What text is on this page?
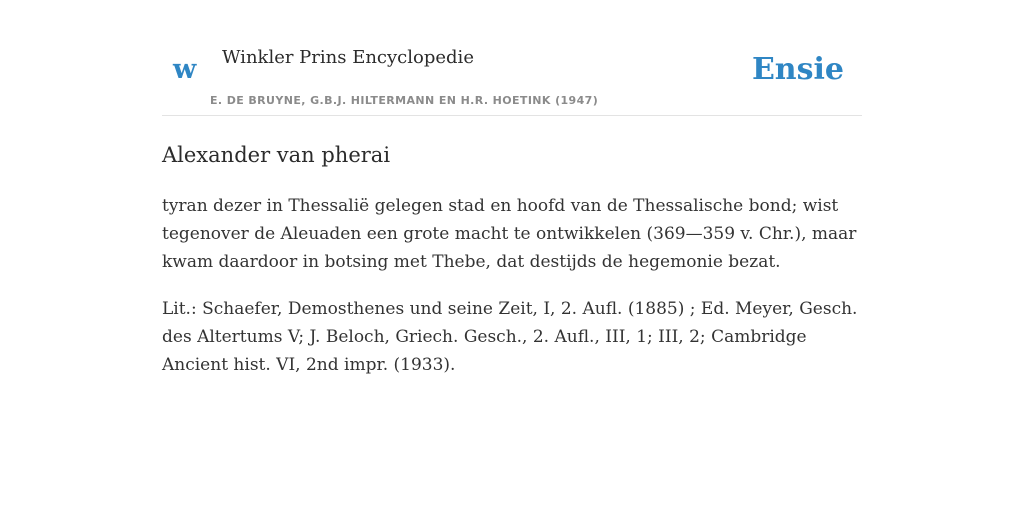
w Winkler Prins Encyclopedie
E. DE BRUYNE, G.B.J. HILTERMANN EN H.R. HOETINK (1947)
Ensie
Alexander van pherai

tyran dezer in Thessalië gelegen stad en hoofd van de Thessalische bond; wist tegenover de Aleuaden een grote macht te ontwikkelen (369—359 v. Chr.), maar kwam daardoor in botsing met Thebe, dat destijds de hegemonie bezat.

Lit.: Schaefer, Demosthenes und seine Zeit, I, 2. Aufl. (1885) ; Ed. Meyer, Gesch. des Altertums V; J. Beloch, Griech. Gesch., 2. Aufl., III, 1; III, 2; Cambridge Ancient hist. VI, 2nd impr. (1933).
